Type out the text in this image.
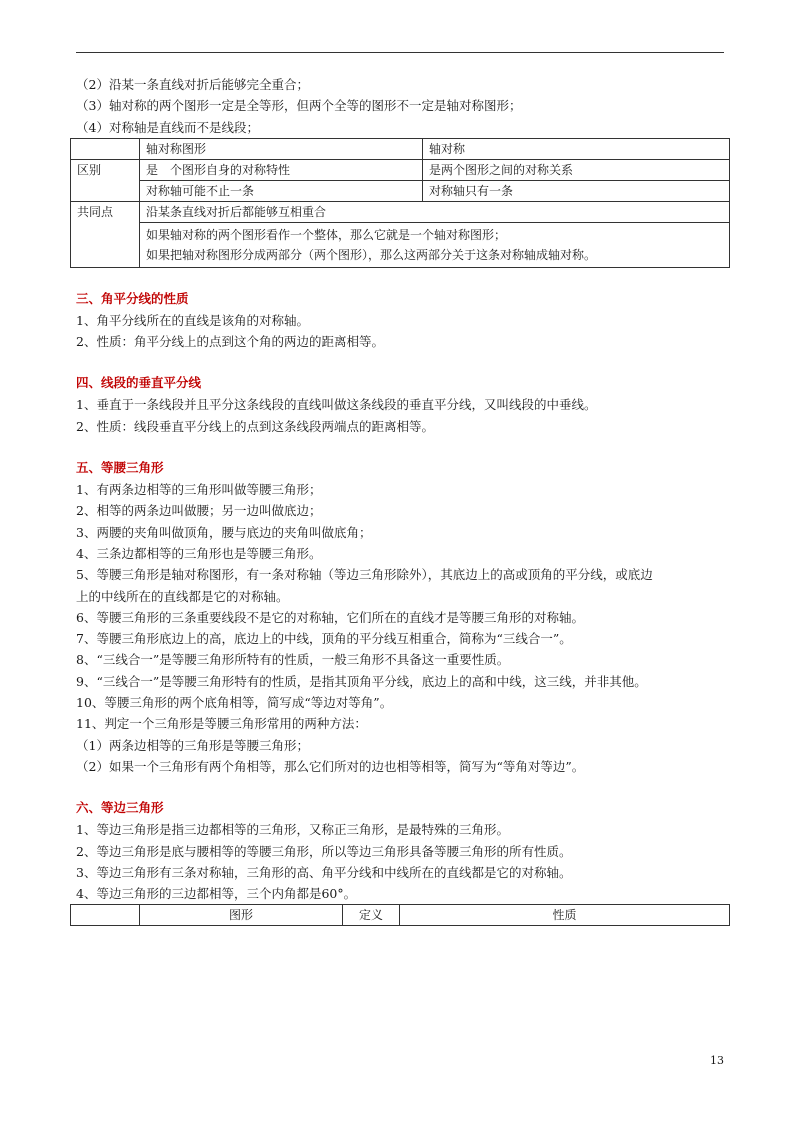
（2）沿某一条直线对折后能够完全重合；
（3）轴对称的两个图形一定是全等形，但两个全等的图形不一定是轴对称图形；
（4）对称轴是直线而不是线段；
	轴对称图形	轴对称
区别	是　个图形自身的对称特性	是两个图形之间的对称关系
	对称轴可能不止一条	对称轴只有一条
共同点	沿某条直线对折后都能够互相重合	

	如果轴对称的两个图形看作一个整体，那么它就是一个轴对称图形；
如果把轴对称图形分成两部分（两个图形），那么这两部分关于这条对称轴成轴对称。	
三、角平分线的性质
1、角平分线所在的直线是该角的对称轴。
2、性质：角平分线上的点到这个角的两边的距离相等。
四、线段的垂直平分线
1、垂直于一条线段并且平分这条线段的直线叫做这条线段的垂直平分线，又叫线段的中垂线。
2、性质：线段垂直平分线上的点到这条线段两端点的距离相等。
五、等腰三角形
1、有两条边相等的三角形叫做等腰三角形；
2、相等的两条边叫做腰；另一边叫做底边；
3、两腰的夹角叫做顶角，腰与底边的夹角叫做底角；
4、三条边都相等的三角形也是等腰三角形。
5、等腰三角形是轴对称图形，有一条对称轴（等边三角形除外），其底边上的高或顶角的平分线，或底边
上的中线所在的直线都是它的对称轴。
6、等腰三角形的三条重要线段不是它的对称轴，它们所在的直线才是等腰三角形的对称轴。
7、等腰三角形底边上的高，底边上的中线，顶角的平分线互相重合，简称为“三线合一”。
8、“三线合一”是等腰三角形所特有的性质，一般三角形不具备这一重要性质。
9、“三线合一”是等腰三角形特有的性质，是指其顶角平分线，底边上的高和中线，这三线，并非其他。
10、等腰三角形的两个底角相等，简写成“等边对等角”。
11、判定一个三角形是等腰三角形常用的两种方法：
（1）两条边相等的三角形是等腰三角形；
（2）如果一个三角形有两个角相等，那么它们所对的边也相等相等，简写为“等角对等边”。
六、等边三角形
1、等边三角形是指三边都相等的三角形，又称正三角形，是最特殊的三角形。
2、等边三角形是底与腰相等的等腰三角形，所以等边三角形具备等腰三角形的所有性质。
3、等边三角形有三条对称轴，三角形的高、角平分线和中线所在的直线都是它的对称轴。
4、等边三角形的三边都相等，三个内角都是60°。
	图形	定义	性质
13
